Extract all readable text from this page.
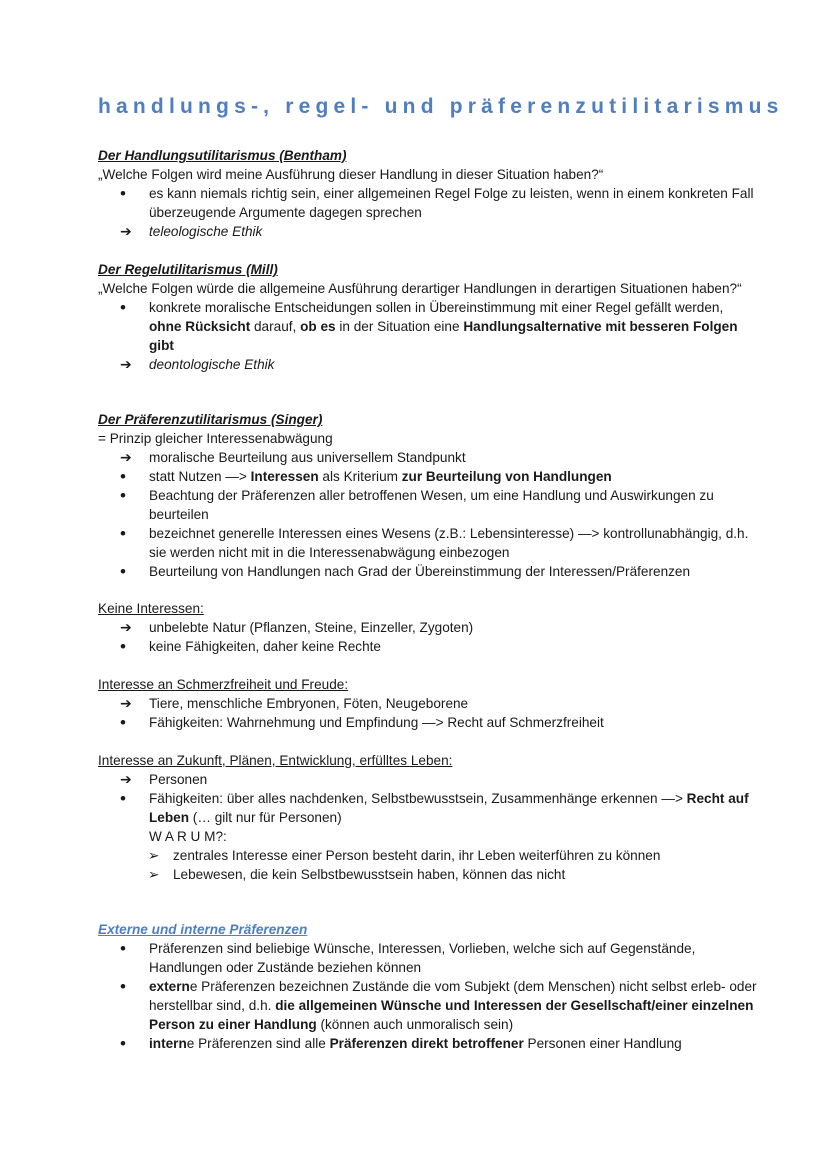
handlungs-, regel- und präferenzutilitarismus
Der Handlungsutilitarismus (Bentham)
„Welche Folgen wird meine Ausführung dieser Handlung in dieser Situation haben?“
•	es kann niemals richtig sein, einer allgemeinen Regel Folge zu leisten, wenn in einem konkreten Fall überzeugende Argumente dagegen sprechen
➔	teleologische Ethik
Der Regelutilitarismus (Mill)
„Welche Folgen würde die allgemeine Ausführung derartiger Handlungen in derartigen Situationen haben?“
•	konkrete moralische Entscheidungen sollen in Übereinstimmung mit einer Regel gefällt werden, ohne Rücksicht darauf, ob es in der Situation eine Handlungsalternative mit besseren Folgen gibt
➔	deontologische Ethik
Der Präferenzutilitarismus (Singer)
= Prinzip gleicher Interessenabwägung
➔	moralische Beurteilung aus universellem Standpunkt
•	statt Nutzen —> Interessen als Kriterium zur Beurteilung von Handlungen
•	Beachtung der Präferenzen aller betroffenen Wesen, um eine Handlung und Auswirkungen zu beurteilen
•	bezeichnet generelle Interessen eines Wesens (z.B.: Lebensinteresse) —> kontrollunabhängig, d.h. sie werden nicht mit in die Interessenabwägung einbezogen
•	Beurteilung von Handlungen nach Grad der Übereinstimmung der Interessen/Präferenzen
Keine Interessen:
➔	unbelebte Natur (Pflanzen, Steine, Einzeller, Zygoten)
•	keine Fähigkeiten, daher keine Rechte
Interesse an Schmerzfreiheit und Freude:
➔	Tiere, menschliche Embryonen, Föten, Neugeborene
•	Fähigkeiten: Wahrnehmung und Empfindung —> Recht auf Schmerzfreiheit
Interesse an Zukunft, Plänen, Entwicklung, erfülltes Leben:
➔	Personen
•	Fähigkeiten: über alles nachdenken, Selbstbewusstsein, Zusammenhänge erkennen —> Recht auf Leben (… gilt nur für Personen)
W A R U M?:
➢ zentrales Interesse einer Person besteht darin, ihr Leben weiterführen zu können
➢ Lebewesen, die kein Selbstbewusstsein haben, können das nicht
Externe und interne Präferenzen
•	Präferenzen sind beliebige Wünsche, Interessen, Vorlieben, welche sich auf Gegenstände, Handlungen oder Zustände beziehen können
•	externe Präferenzen bezeichnen Zustände die vom Subjekt (dem Menschen) nicht selbst erleb- oder herstellbar sind, d.h. die allgemeinen Wünsche und Interessen der Gesellschaft/einer einzelnen Person zu einer Handlung (können auch unmoralisch sein)
•	interne Präferenzen sind alle Präferenzen direkt betroffener Personen einer Handlung
